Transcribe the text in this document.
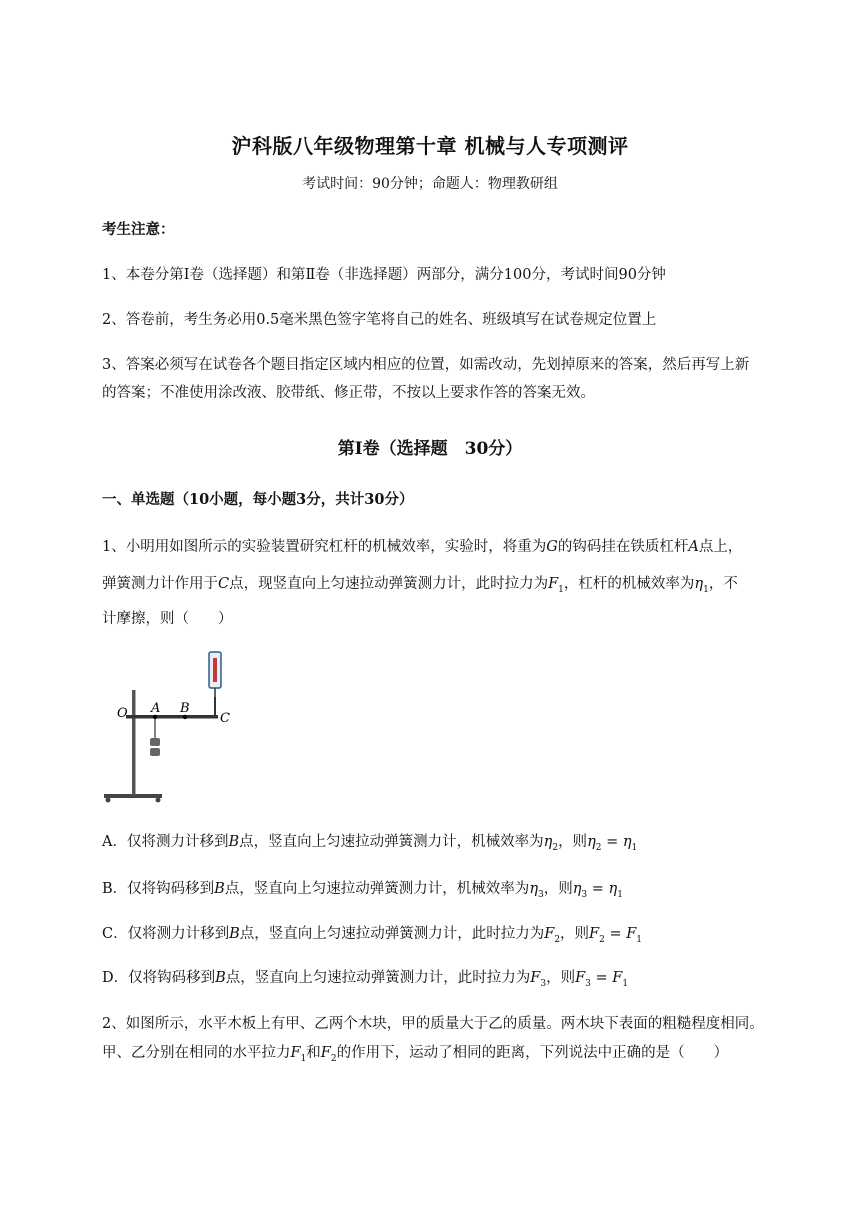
沪科版八年级物理第十章 机械与人专项测评
考试时间：90分钟；命题人：物理教研组
考生注意：
1、本卷分第Ⅰ卷（选择题）和第Ⅱ卷（非选择题）两部分，满分100分，考试时间90分钟
2、答卷前，考生务必用0.5毫米黑色签字笔将自己的姓名、班级填写在试卷规定位置上
3、答案必须写在试卷各个题目指定区域内相应的位置，如需改动，先划掉原来的答案，然后再写上新
的答案；不准使用涂改液、胶带纸、修正带，不按以上要求作答的答案无效。
第Ⅰ卷（选择题　30分）
一、单选题（10小题，每小题3分，共计30分）
1、小明用如图所示的实验装置研究杠杆的机械效率，实验时，将重为G的钩码挂在铁质杠杆A点上，
弹簧测力计作用于C点，现竖直向上匀速拉动弹簧测力计，此时拉力为$F_1$，杠杆的机械效率为$\eta_1$，不
计摩擦，则（　　）
O A B
C
A．仅将测力计移到B点，竖直向上匀速拉动弹簧测力计，机械效率为$\eta_2$，则$\eta_2 = \eta_1$
B．仅将钩码移到B点，竖直向上匀速拉动弹簧测力计，机械效率为$\eta_3$，则$\eta_3 = \eta_1$
C．仅将测力计移到B点，竖直向上匀速拉动弹簧测力计，此时拉力为$F_2$，则$F_2 = F_1$
D．仅将钩码移到B点，竖直向上匀速拉动弹簧测力计，此时拉力为$F_3$，则$F_3 = F_1$
2、如图所示，水平木板上有甲、乙两个木块，甲的质量大于乙的质量。两木块下表面的粗糙程度相同。
甲、乙分别在相同的水平拉力$F_1$和$F_2$的作用下，运动了相同的距离，下列说法中正确的是（　　）
